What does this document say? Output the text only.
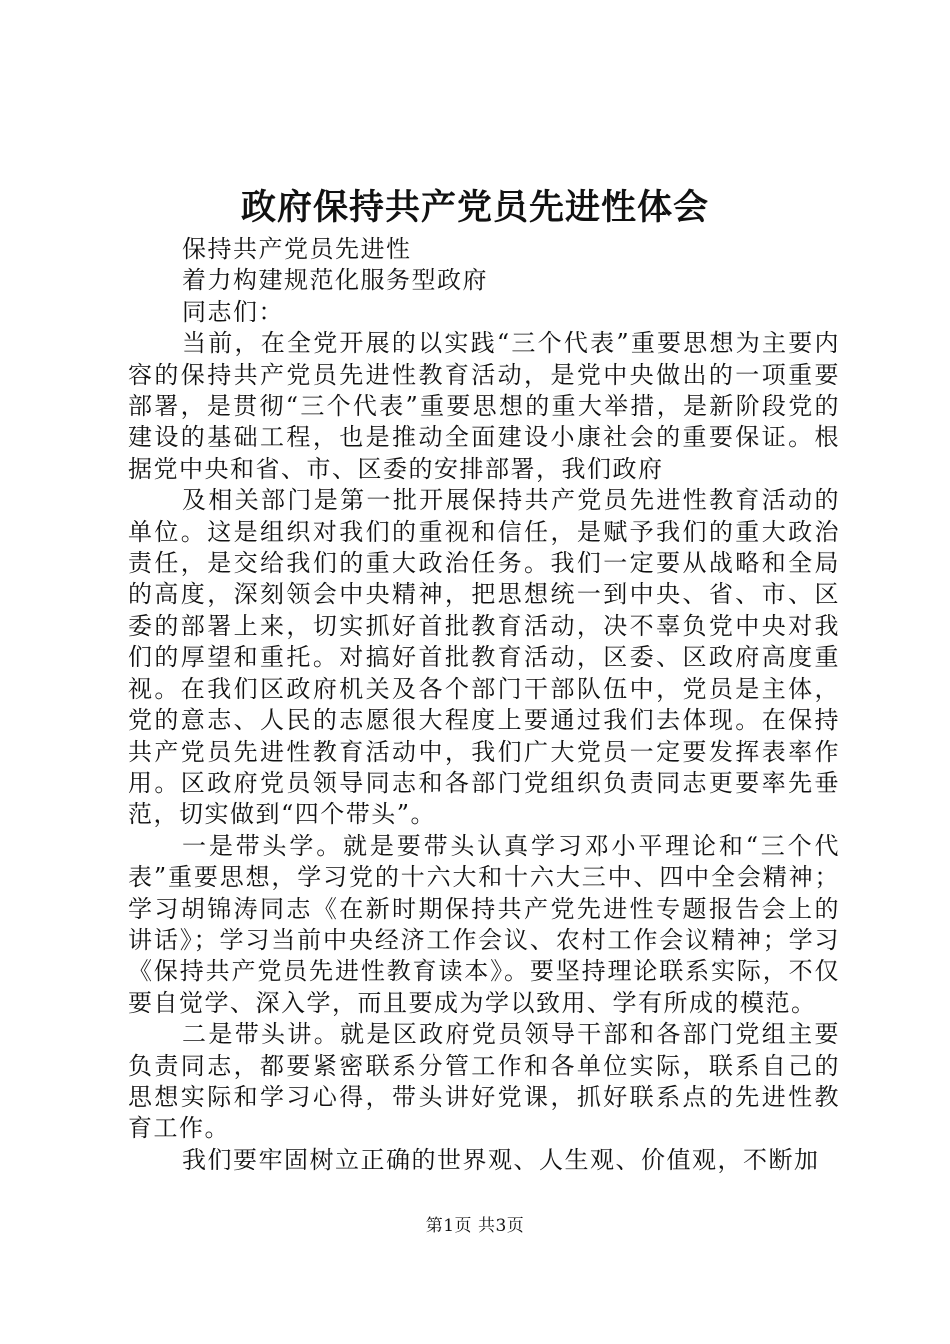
政府保持共产党员先进性体会

保持共产党员先进性

着力构建规范化服务型政府

同志们：

当前，在全党开展的以实践“三个代表”重要思想为主要内容的保持共产党员先进性教育活动，是党中央做出的一项重要部署，是贯彻“三个代表”重要思想的重大举措，是新阶段党的建设的基础工程，也是推动全面建设小康社会的重要保证。根据党中央和省、市、区委的安排部署，我们政府

及相关部门是第一批开展保持共产党员先进性教育活动的单位。这是组织对我们的重视和信任，是赋予我们的重大政治责任，是交给我们的重大政治任务。我们一定要从战略和全局的高度，深刻领会中央精神，把思想统一到中央、省、市、区委的部署上来，切实抓好首批教育活动，决不辜负党中央对我们的厚望和重托。对搞好首批教育活动，区委、区政府高度重视。在我们区政府机关及各个部门干部队伍中，党员是主体，党的意志、人民的志愿很大程度上要通过我们去体现。在保持共产党员先进性教育活动中，我们广大党员一定要发挥表率作用。区政府党员领导同志和各部门党组织负责同志更要率先垂范，切实做到“四个带头”。

一是带头学。就是要带头认真学习邓小平理论和“三个代表”重要思想，学习党的十六大和十六大三中、四中全会精神；学习胡锦涛同志《在新时期保持共产党先进性专题报告会上的讲话》；学习当前中央经济工作会议、农村工作会议精神；学习《保持共产党员先进性教育读本》。要坚持理论联系实际，不仅要自觉学、深入学，而且要成为学以致用、学有所成的模范。

二是带头讲。就是区政府党员领导干部和各部门党组主要负责同志，都要紧密联系分管工作和各单位实际，联系自己的思想实际和学习心得，带头讲好党课，抓好联系点的先进性教育工作。

我们要牢固树立正确的世界观、人生观、价值观，不断加

第1页 共3页
